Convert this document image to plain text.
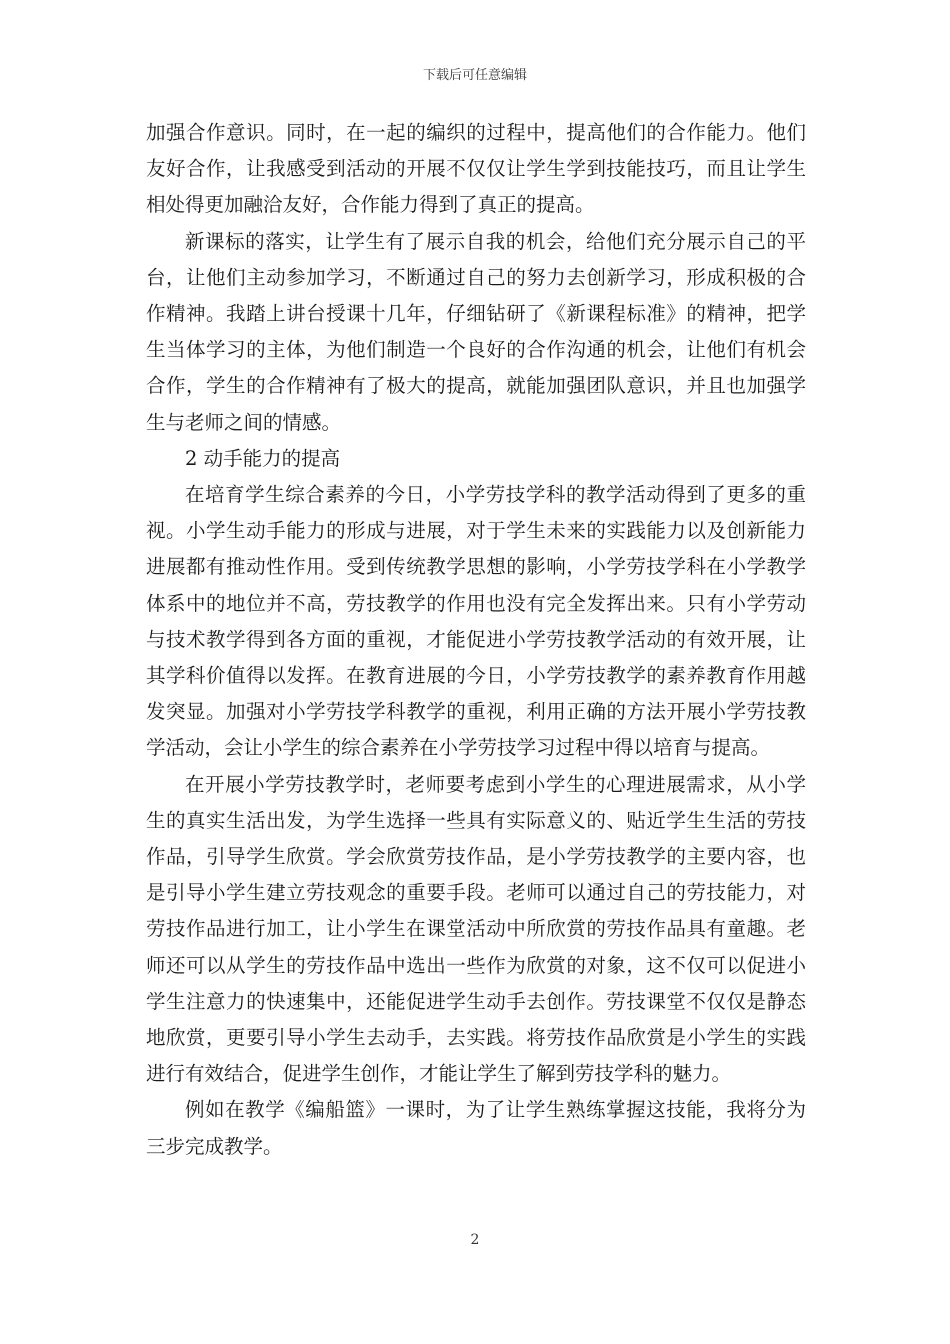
下载后可任意编辑

加强合作意识。同时，在一起的编织的过程中，提高他们的合作能力。他们友好合作，让我感受到活动的开展不仅仅让学生学到技能技巧，而且让学生相处得更加融洽友好，合作能力得到了真正的提高。

新课标的落实，让学生有了展示自我的机会，给他们充分展示自己的平台，让他们主动参加学习，不断通过自己的努力去创新学习，形成积极的合作精神。我踏上讲台授课十几年，仔细钻研了《新课程标准》的精神，把学生当体学习的主体，为他们制造一个良好的合作沟通的机会，让他们有机会合作，学生的合作精神有了极大的提高，就能加强团队意识，并且也加强学生与老师之间的情感。

2 动手能力的提高

在培育学生综合素养的今日，小学劳技学科的教学活动得到了更多的重视。小学生动手能力的形成与进展，对于学生未来的实践能力以及创新能力进展都有推动性作用。受到传统教学思想的影响，小学劳技学科在小学教学体系中的地位并不高，劳技教学的作用也没有完全发挥出来。只有小学劳动与技术教学得到各方面的重视，才能促进小学劳技教学活动的有效开展，让其学科价值得以发挥。在教育进展的今日，小学劳技教学的素养教育作用越发突显。加强对小学劳技学科教学的重视，利用正确的方法开展小学劳技教学活动，会让小学生的综合素养在小学劳技学习过程中得以培育与提高。

在开展小学劳技教学时，老师要考虑到小学生的心理进展需求，从小学生的真实生活出发，为学生选择一些具有实际意义的、贴近学生生活的劳技作品，引导学生欣赏。学会欣赏劳技作品，是小学劳技教学的主要内容，也是引导小学生建立劳技观念的重要手段。老师可以通过自己的劳技能力，对劳技作品进行加工，让小学生在课堂活动中所欣赏的劳技作品具有童趣。老师还可以从学生的劳技作品中选出一些作为欣赏的对象，这不仅可以促进小学生注意力的快速集中，还能促进学生动手去创作。劳技课堂不仅仅是静态地欣赏，更要引导小学生去动手，去实践。将劳技作品欣赏是小学生的实践进行有效结合，促进学生创作，才能让学生了解到劳技学科的魅力。

例如在教学《编船篮》一课时，为了让学生熟练掌握这技能，我将分为三步完成教学。

2
